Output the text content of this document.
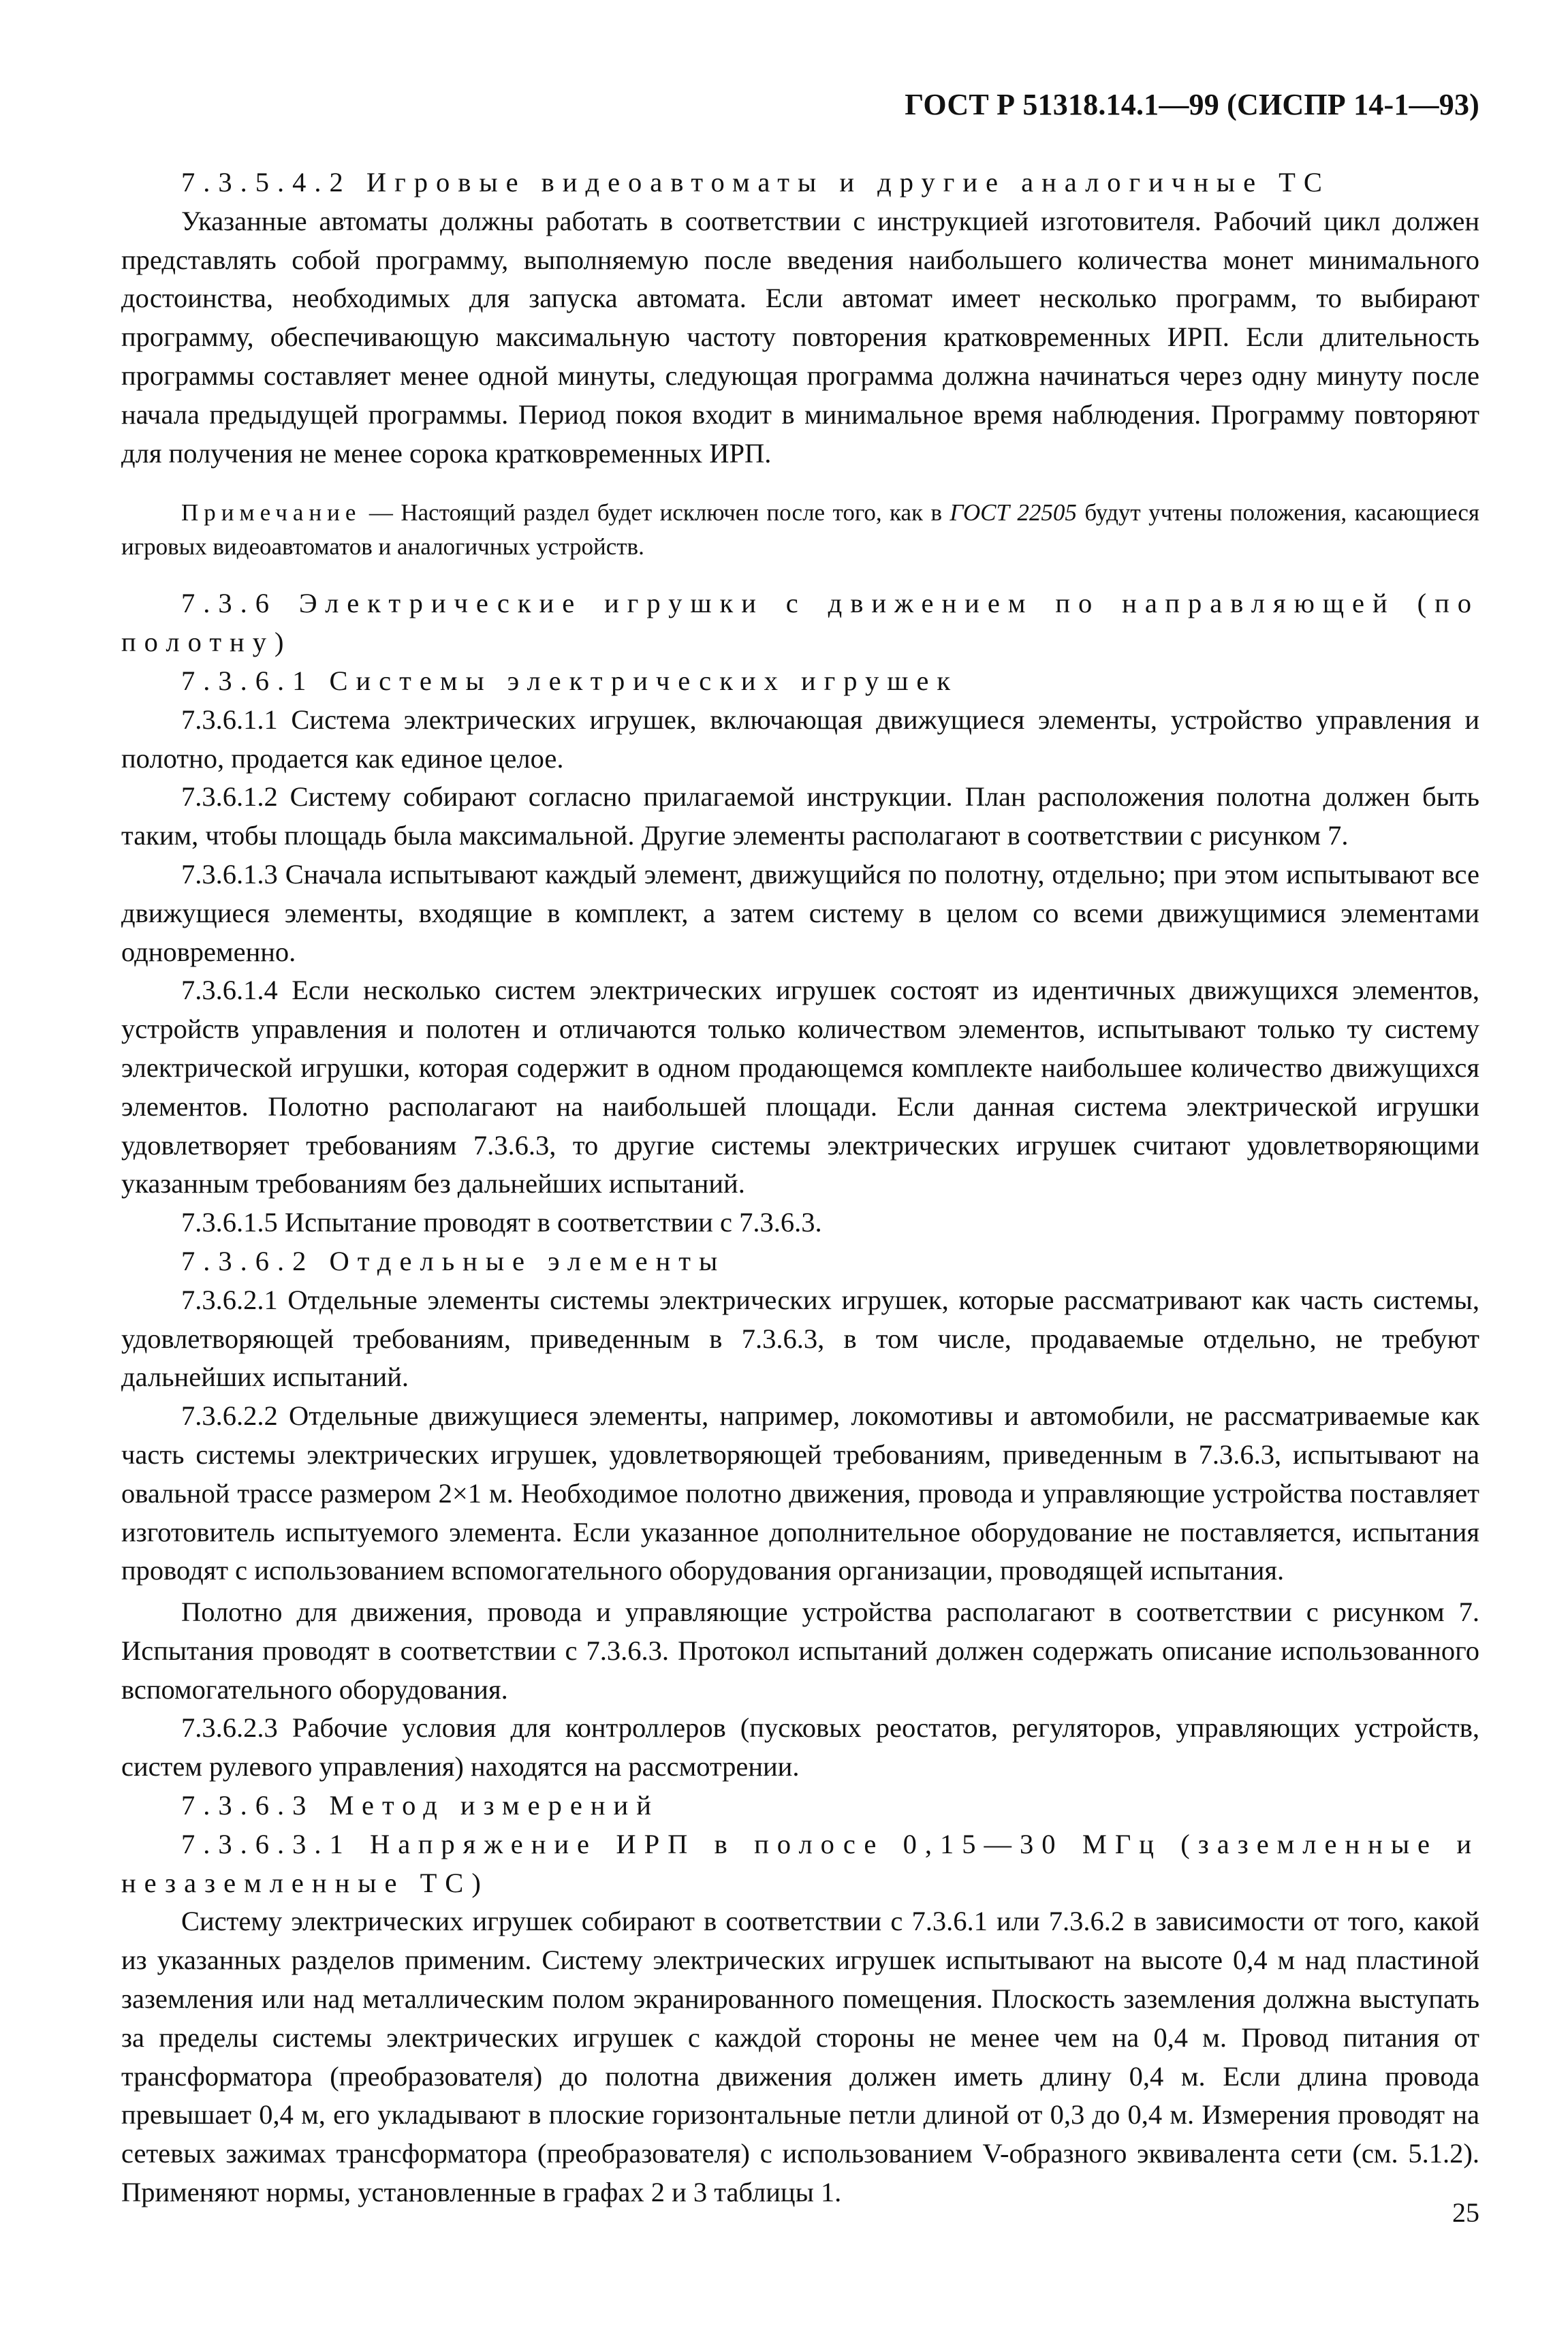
ГОСТ Р 51318.14.1—99 (СИСПР 14-1—93)

7.3.5.4.2 Игровые видеоавтоматы и другие аналогичные ТС

Указанные автоматы должны работать в соответствии с инструкцией изготовителя. Рабочий цикл должен представлять собой программу, выполняемую после введения наибольшего количества монет минимального достоинства, необходимых для запуска автомата. Если автомат имеет несколько программ, то выбирают программу, обеспечивающую максимальную частоту повторения кратковременных ИРП. Если длительность программы составляет менее одной минуты, следующая программа должна начинаться через одну минуту после начала предыдущей программы. Период покоя входит в минимальное время наблюдения. Программу повторяют для получения не менее сорока кратковременных ИРП.

Примечание — Настоящий раздел будет исключен после того, как в ГОСТ 22505 будут учтены положения, касающиеся игровых видеоавтоматов и аналогичных устройств.

7.3.6 Электрические игрушки с движением по направляющей (по полотну)

7.3.6.1 Системы электрических игрушек

7.3.6.1.1 Система электрических игрушек, включающая движущиеся элементы, устройство управления и полотно, продается как единое целое.

7.3.6.1.2 Систему собирают согласно прилагаемой инструкции. План расположения полотна должен быть таким, чтобы площадь была максимальной. Другие элементы располагают в соответствии с рисунком 7.

7.3.6.1.3 Сначала испытывают каждый элемент, движущийся по полотну, отдельно; при этом испытывают все движущиеся элементы, входящие в комплект, а затем систему в целом со всеми движущимися элементами одновременно.

7.3.6.1.4 Если несколько систем электрических игрушек состоят из идентичных движущихся элементов, устройств управления и полотен и отличаются только количеством элементов, испытывают только ту систему электрической игрушки, которая содержит в одном продающемся комплекте наибольшее количество движущихся элементов. Полотно располагают на наибольшей площади. Если данная система электрической игрушки удовлетворяет требованиям 7.3.6.3, то другие системы электрических игрушек считают удовлетворяющими указанным требованиям без дальнейших испытаний.

7.3.6.1.5 Испытание проводят в соответствии с 7.3.6.3.

7.3.6.2 Отдельные элементы

7.3.6.2.1 Отдельные элементы системы электрических игрушек, которые рассматривают как часть системы, удовлетворяющей требованиям, приведенным в 7.3.6.3, в том числе, продаваемые отдельно, не требуют дальнейших испытаний.

7.3.6.2.2 Отдельные движущиеся элементы, например, локомотивы и автомобили, не рассматриваемые как часть системы электрических игрушек, удовлетворяющей требованиям, приведенным в 7.3.6.3, испытывают на овальной трассе размером 2×1 м. Необходимое полотно движения, провода и управляющие устройства поставляет изготовитель испытуемого элемента. Если указанное дополнительное оборудование не поставляется, испытания проводят с использованием вспомогательного оборудования организации, проводящей испытания.

Полотно для движения, провода и управляющие устройства располагают в соответствии с рисунком 7. Испытания проводят в соответствии с 7.3.6.3. Протокол испытаний должен содержать описание использованного вспомогательного оборудования.

7.3.6.2.3 Рабочие условия для контроллеров (пусковых реостатов, регуляторов, управляющих устройств, систем рулевого управления) находятся на рассмотрении.

7.3.6.3 Метод измерений

7.3.6.3.1 Напряжение ИРП в полосе 0,15—30 МГц (заземленные и незаземленные ТС)

Систему электрических игрушек собирают в соответствии с 7.3.6.1 или 7.3.6.2 в зависимости от того, какой из указанных разделов применим. Систему электрических игрушек испытывают на высоте 0,4 м над пластиной заземления или над металлическим полом экранированного помещения. Плоскость заземления должна выступать за пределы системы электрических игрушек с каждой стороны не менее чем на 0,4 м. Провод питания от трансформатора (преобразователя) до полотна движения должен иметь длину 0,4 м. Если длина провода превышает 0,4 м, его укладывают в плоские горизонтальные петли длиной от 0,3 до 0,4 м. Измерения проводят на сетевых зажимах трансформатора (преобразователя) с использованием V-образного эквивалента сети (см. 5.1.2). Применяют нормы, установленные в графах 2 и 3 таблицы 1.

25
